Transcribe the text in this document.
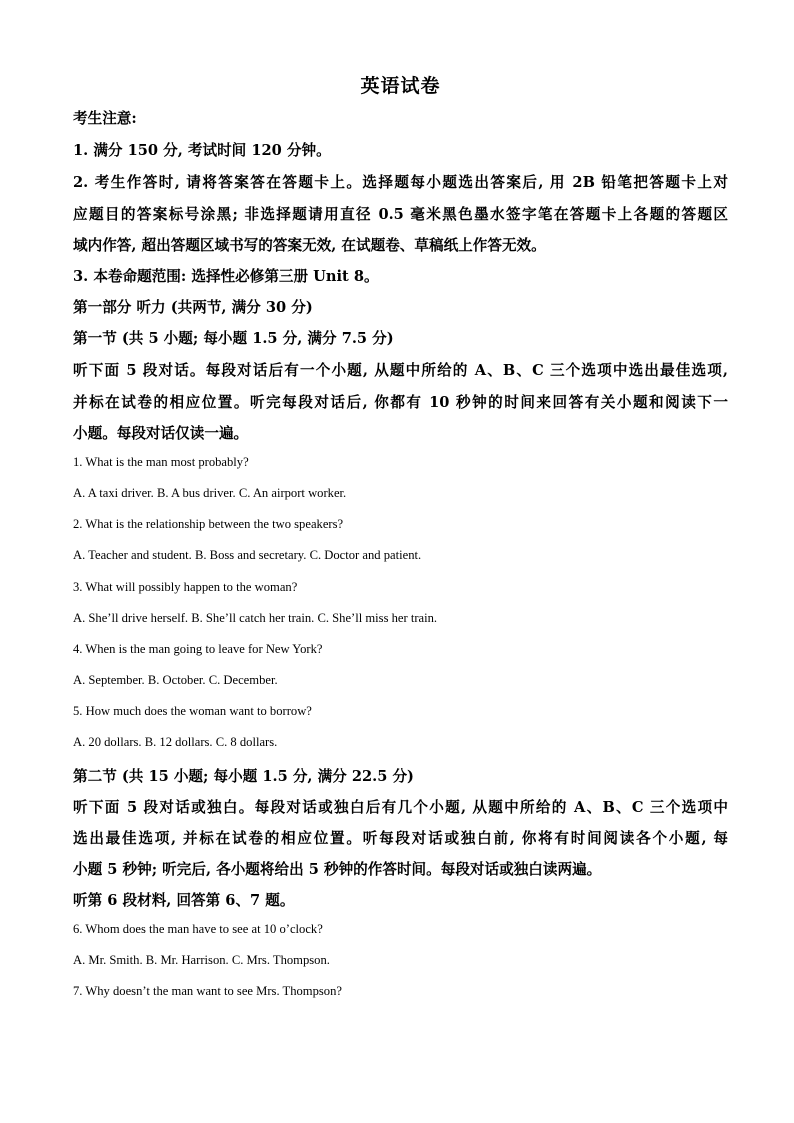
英语试卷
考生注意:
1. 满分 150 分, 考试时间 120 分钟。
2. 考生作答时, 请将答案答在答题卡上。选择题每小题选出答案后, 用 2B 铅笔把答题卡上对
应题目的答案标号涂黑; 非选择题请用直径 0.5 毫米黑色墨水签字笔在答题卡上各题的答题区
域内作答, 超出答题区域书写的答案无效, 在试题卷、草稿纸上作答无效。
3. 本卷命题范围: 选择性必修第三册 Unit 8。
第一部分 听力 (共两节, 满分 30 分)
第一节 (共 5 小题; 每小题 1.5 分, 满分 7.5 分)
听下面 5 段对话。每段对话后有一个小题, 从题中所给的 A、B、C 三个选项中选出最佳选项,
并标在试卷的相应位置。听完每段对话后, 你都有 10 秒钟的时间来回答有关小题和阅读下一
小题。每段对话仅读一遍。
1. What is the man most probably?
A. A taxi driver. B. A bus driver. C. An airport worker.
2. What is the relationship between the two speakers?
A. Teacher and student. B. Boss and secretary. C. Doctor and patient.
3. What will possibly happen to the woman?
A. She’ll drive herself. B. She’ll catch her train. C. She’ll miss her train.
4. When is the man going to leave for New York?
A. September. B. October. C. December.
5. How much does the woman want to borrow?
A. 20 dollars. B. 12 dollars. C. 8 dollars.
第二节 (共 15 小题; 每小题 1.5 分, 满分 22.5 分)
听下面 5 段对话或独白。每段对话或独白后有几个小题, 从题中所给的 A、B、C 三个选项中
选出最佳选项, 并标在试卷的相应位置。听每段对话或独白前, 你将有时间阅读各个小题, 每
小题 5 秒钟; 听完后, 各小题将给出 5 秒钟的作答时间。每段对话或独白读两遍。
听第 6 段材料, 回答第 6、7 题。
6. Whom does the man have to see at 10 o’clock?
A. Mr. Smith. B. Mr. Harrison. C. Mrs. Thompson.
7. Why doesn’t the man want to see Mrs. Thompson?
